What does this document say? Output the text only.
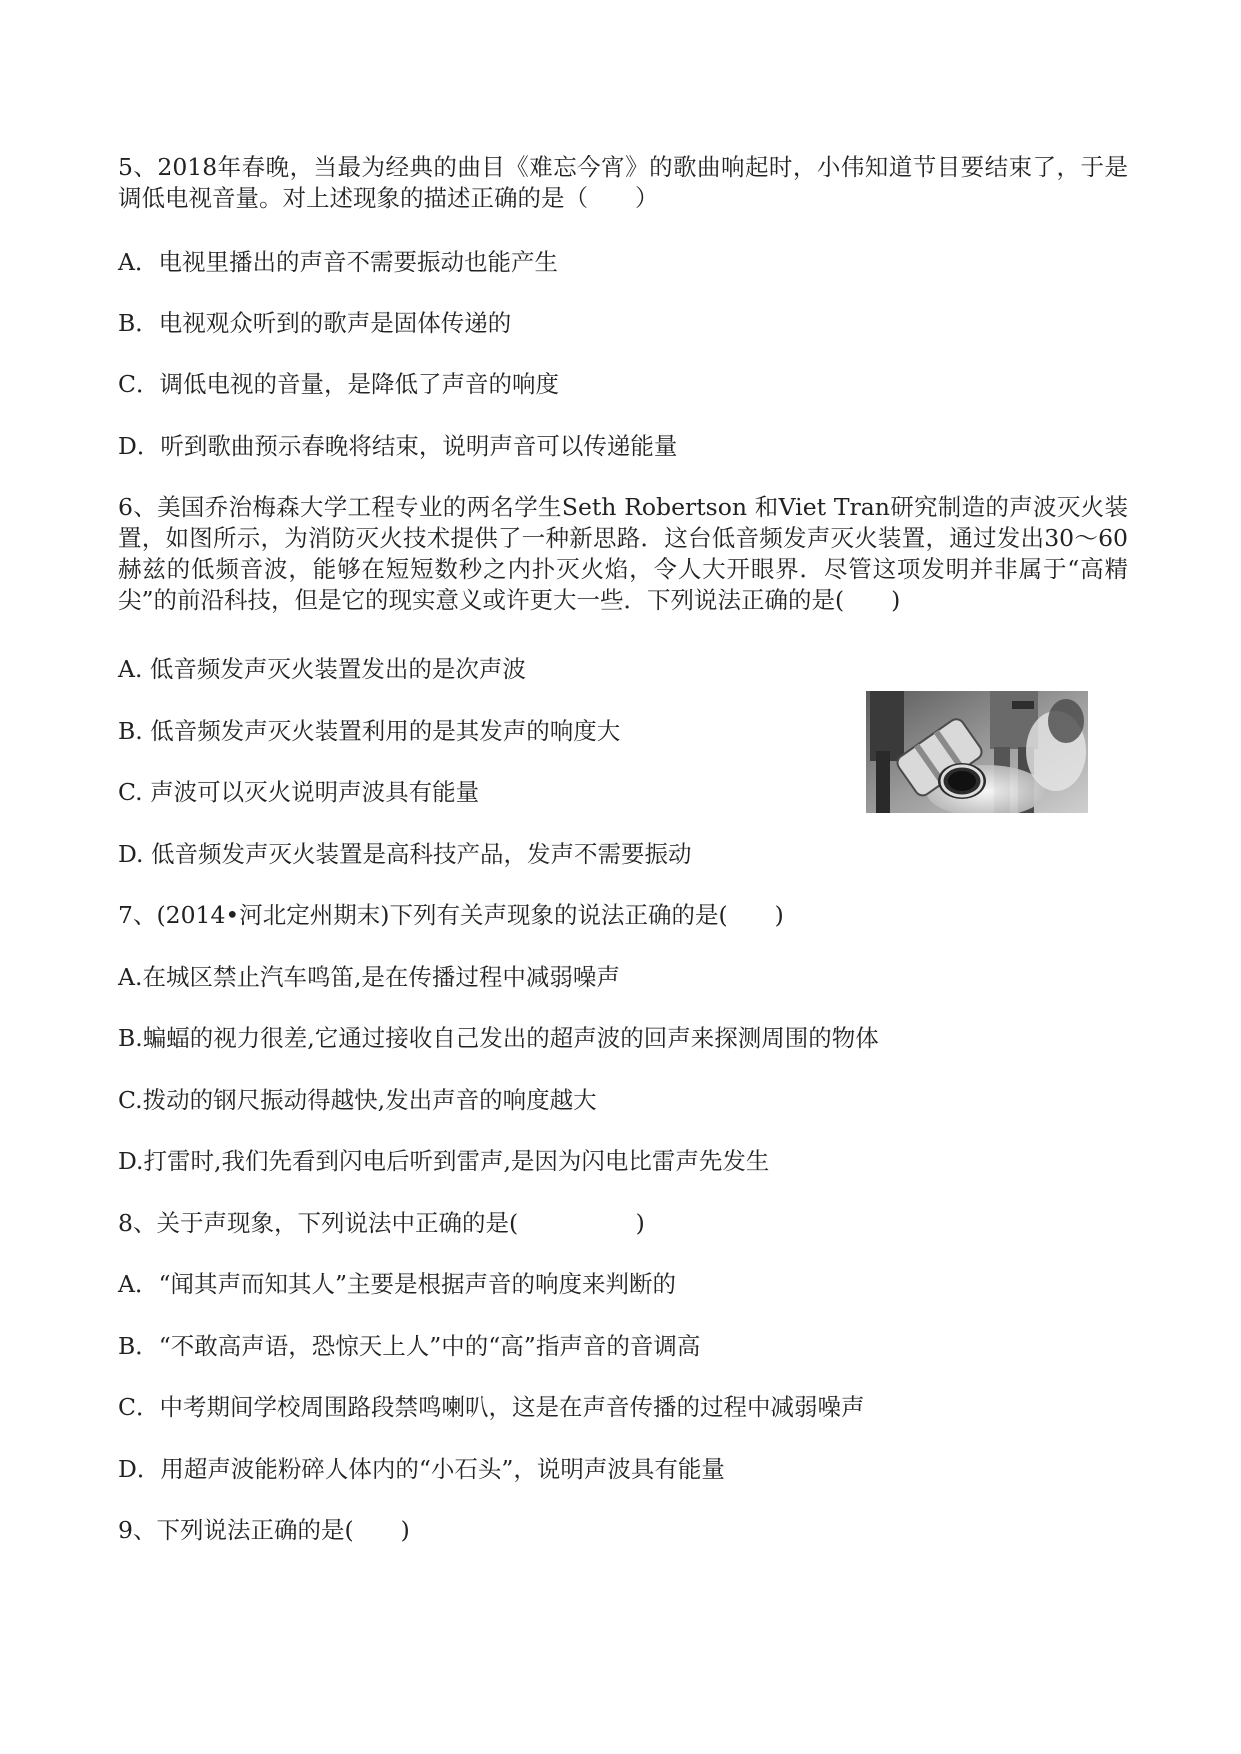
5、2018年春晚，当最为经典的曲目《难忘今宵》的歌曲响起时，小伟知道节目要结束了，于是调低电视音量。对上述现象的描述正确的是（　　）
A．电视里播出的声音不需要振动也能产生
B．电视观众听到的歌声是固体传递的
C．调低电视的音量，是降低了声音的响度
D．听到歌曲预示春晚将结束，说明声音可以传递能量
6、美国乔治梅森大学工程专业的两名学生Seth Robertson 和Viet Tran研究制造的声波灭火装置，如图所示，为消防灭火技术提供了一种新思路．这台低音频发声灭火装置，通过发出30～60赫兹的低频音波，能够在短短数秒之内扑灭火焰，令人大开眼界．尽管这项发明并非属于“高精尖”的前沿科技，但是它的现实意义或许更大一些．下列说法正确的是(　　)
A. 低音频发声灭火装置发出的是次声波
B. 低音频发声灭火装置利用的是其发声的响度大
C. 声波可以灭火说明声波具有能量
D. 低音频发声灭火装置是高科技产品，发声不需要振动
7、(2014•河北定州期末)下列有关声现象的说法正确的是(　　)
A.在城区禁止汽车鸣笛,是在传播过程中减弱噪声
B.蝙蝠的视力很差,它通过接收自己发出的超声波的回声来探测周围的物体
C.拨动的钢尺振动得越快,发出声音的响度越大
D.打雷时,我们先看到闪电后听到雷声,是因为闪电比雷声先发生
8、关于声现象，下列说法中正确的是(　　　　　)
A．“闻其声而知其人”主要是根据声音的响度来判断的
B．“不敢高声语，恐惊天上人”中的“高”指声音的音调高
C．中考期间学校周围路段禁鸣喇叭，这是在声音传播的过程中减弱噪声
D．用超声波能粉碎人体内的“小石头”，说明声波具有能量
9、下列说法正确的是(　　)
